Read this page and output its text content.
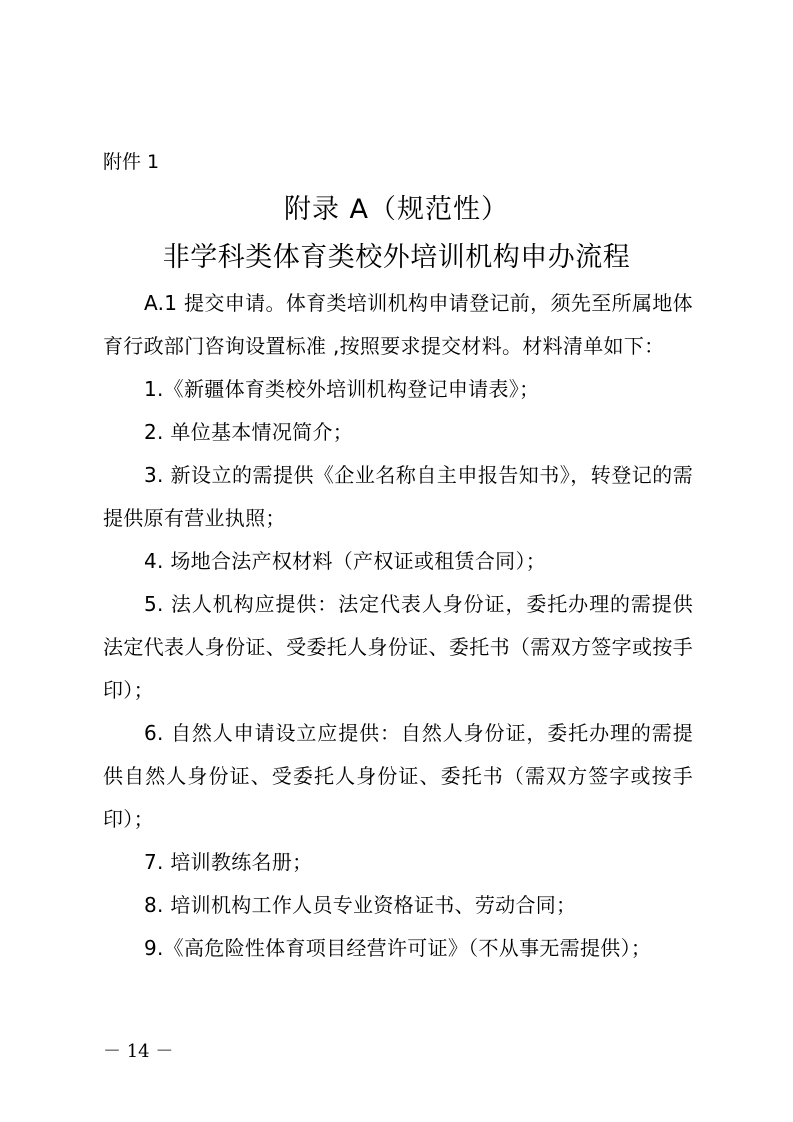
附件 1
附录 A（规范性）
非学科类体育类校外培训机构申办流程

A.1 提交申请。体育类培训机构申请登记前，须先至所属地体育行政部门咨询设置标准 ,按照要求提交材料。材料清单如下：

1.《新疆体育类校外培训机构登记申请表》；

2. 单位基本情况简介；

3. 新设立的需提供《企业名称自主申报告知书》，转登记的需提供原有营业执照；

4. 场地合法产权材料（产权证或租赁合同）；

5. 法人机构应提供：法定代表人身份证，委托办理的需提供法定代表人身份证、受委托人身份证、委托书（需双方签字或按手印）；

6. 自然人申请设立应提供：自然人身份证，委托办理的需提供自然人身份证、受委托人身份证、委托书（需双方签字或按手印）；

7. 培训教练名册；

8. 培训机构工作人员专业资格证书、劳动合同；

9.《高危险性体育项目经营许可证》（不从事无需提供）；

－ 14 －
